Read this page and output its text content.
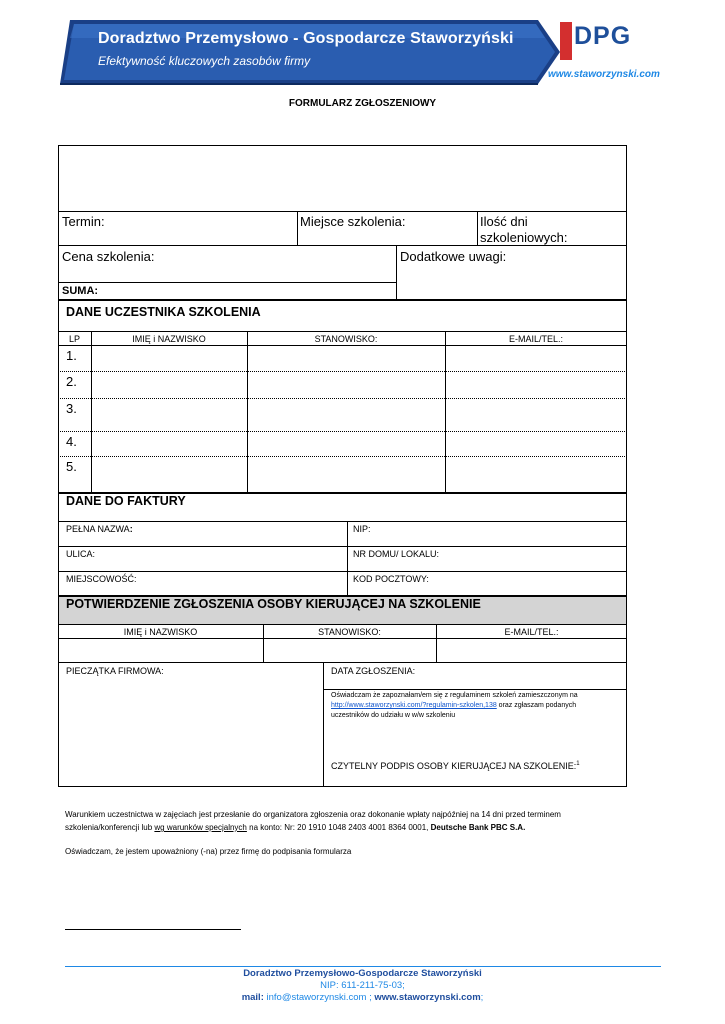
Doradztwo Przemysłowo - Gospodarcze Staworzyński
Efektywność kluczowych zasobów firmy
DPG
www.staworzynski.com
FORMULARZ ZGŁOSZENIOWY
Termin:	Miejsce szkolenia:	Ilość dni
szkoleniowych:
Cena szkolenia:	Dodatkowe uwagi:
SUMA:
DANE UCZESTNIKA SZKOLENIA
LP	IMIĘ i NAZWISKO	STANOWISKO:	E-MAIL/TEL.:
1.
2.
3.
4.
5.
DANE DO FAKTURY
PEŁNA NAZWA:	NIP:
ULICA:	NR DOMU/ LOKALU:
MIEJSCOWOŚĆ:	KOD POCZTOWY:
POTWIERDZENIE ZGŁOSZENIA OSOBY KIERUJĄCEJ NA SZKOLENIE
IMIĘ i NAZWISKO	STANOWISKO:	E-MAIL/TEL.:
PIECZĄTKA FIRMOWA:	DATA ZGŁOSZENIA:
Oświadczam że zapoznałam/em się z regulaminem szkoleń zamieszczonym na
http://www.staworzynski.com/?regulamin-szkolen,138 oraz zgłaszam podanych
uczestników do udziału w w/w szkoleniu
CZYTELNY PODPIS OSOBY KIERUJĄCEJ NA SZKOLENIE:$^1$
Warunkiem uczestnictwa w zajęciach jest przesłanie do organizatora zgłoszenia oraz dokonanie wpłaty najpóźniej na 14 dni przed terminem
szkolenia/konferencji lub wg warunków specjalnych na konto: Nr: 20 1910 1048 2403 4001 8364 0001, Deutsche Bank PBC S.A.
Oświadczam, że jestem upoważniony (-na) przez firmę do podpisania formularza
Doradztwo Przemysłowo-Gospodarcze Staworzyński
NIP: 611-211-75-03;
mail: info@staworzynski.com ; www.staworzynski.com;
